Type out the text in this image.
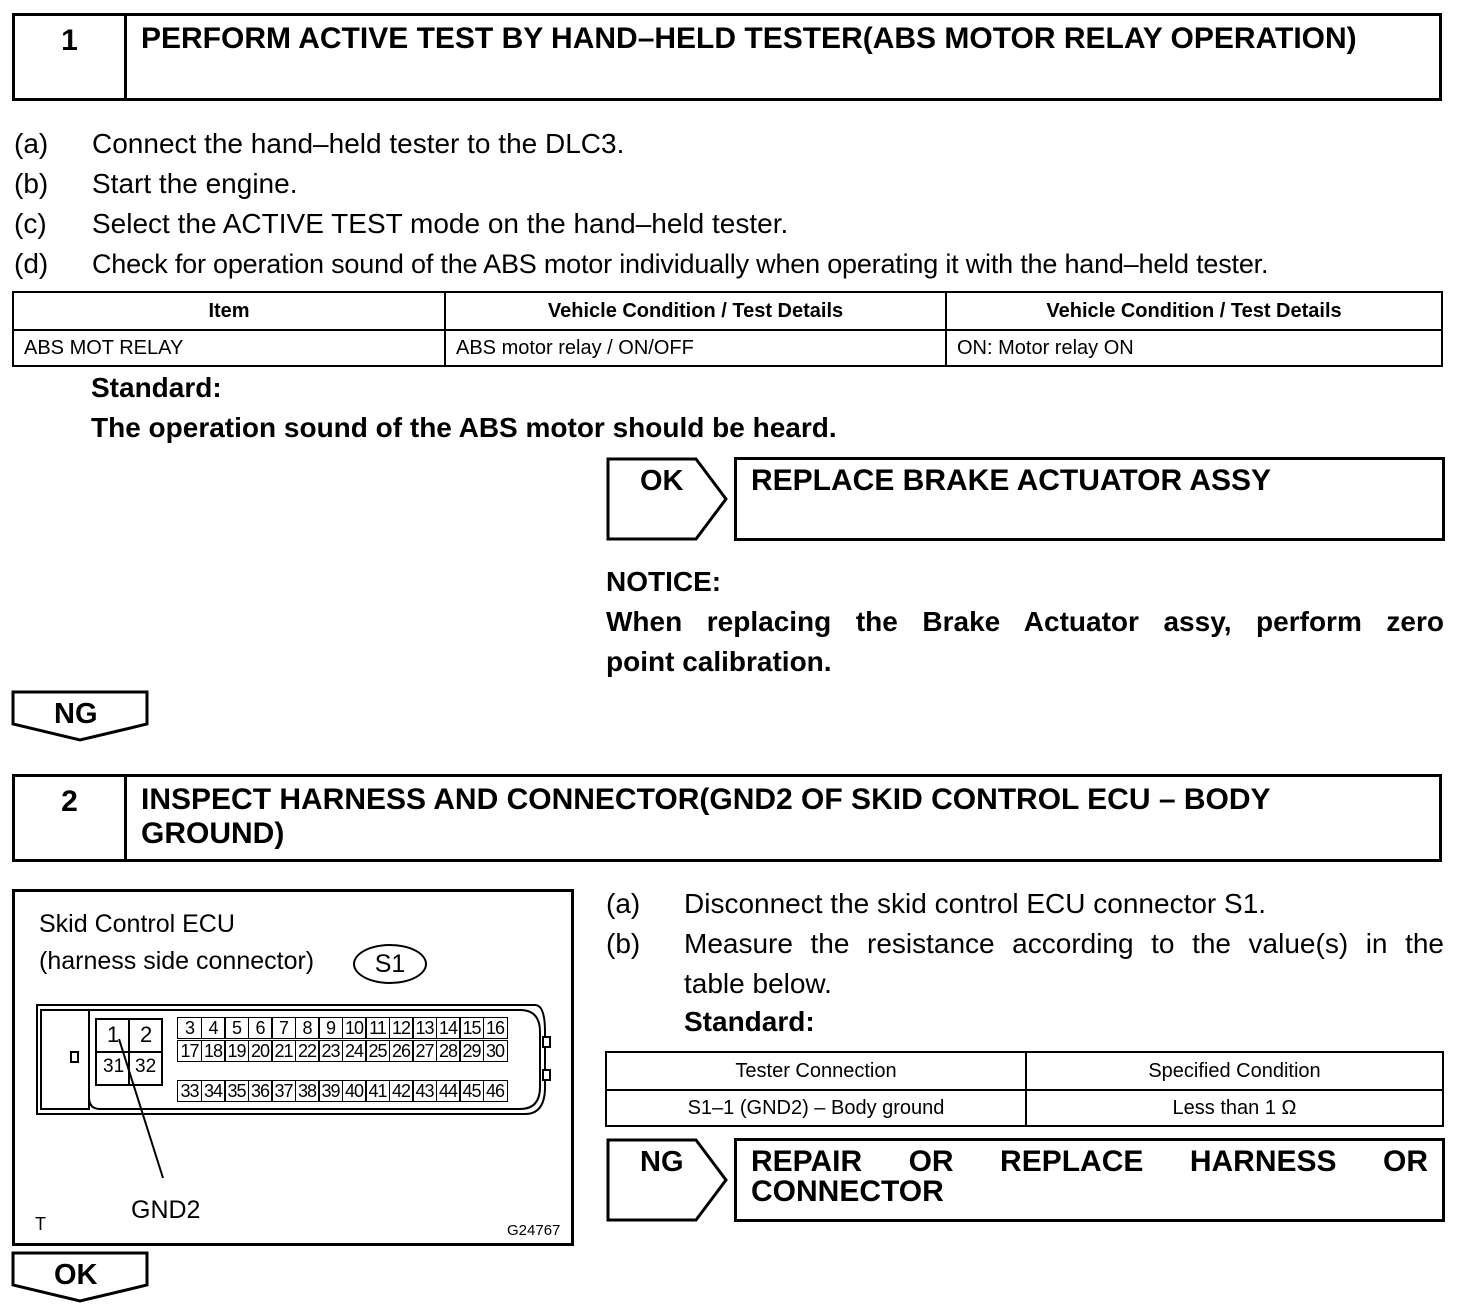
1	PERFORM ACTIVE TEST BY HAND–HELD TESTER(ABS MOTOR RELAY OPERATION)
(a) Connect the hand–held tester to the DLC3.
(b) Start the engine.
(c) Select the ACTIVE TEST mode on the hand–held tester.
(d) Check for operation sound of the ABS motor individually when operating it with the hand–held tester.
Item	Vehicle Condition / Test Details	Vehicle Condition / Test Details
ABS MOT RELAY	ABS motor relay / ON/OFF	ON: Motor relay ON
Standard:
The operation sound of the ABS motor should be heard.
OK	REPLACE BRAKE ACTUATOR ASSY
NOTICE:
When replacing the Brake Actuator assy, perform zero
point calibration.
NG
2	INSPECT HARNESS AND CONNECTOR(GND2 OF SKID CONTROL ECU – BODY GROUND)
Skid Control ECU
(harness side connector)	S1
1 2
31 32
3 4 5 6 7 8 9 10 11 12 13 14 15 16
17 18 19 20 21 22 23 24 25 26 27 28 29 30
33 34 35 36 37 38 39 40 41 42 43 44 45 46
GND2
T	G24767
(a) Disconnect the skid control ECU connector S1.
(b) Measure the resistance according to the value(s) in the
table below.
Standard:
Tester Connection	Specified Condition
S1–1 (GND2) – Body ground	Less than 1 Ω
NG REPAIR OR REPLACE HARNESS OR
CONNECTOR
OK
